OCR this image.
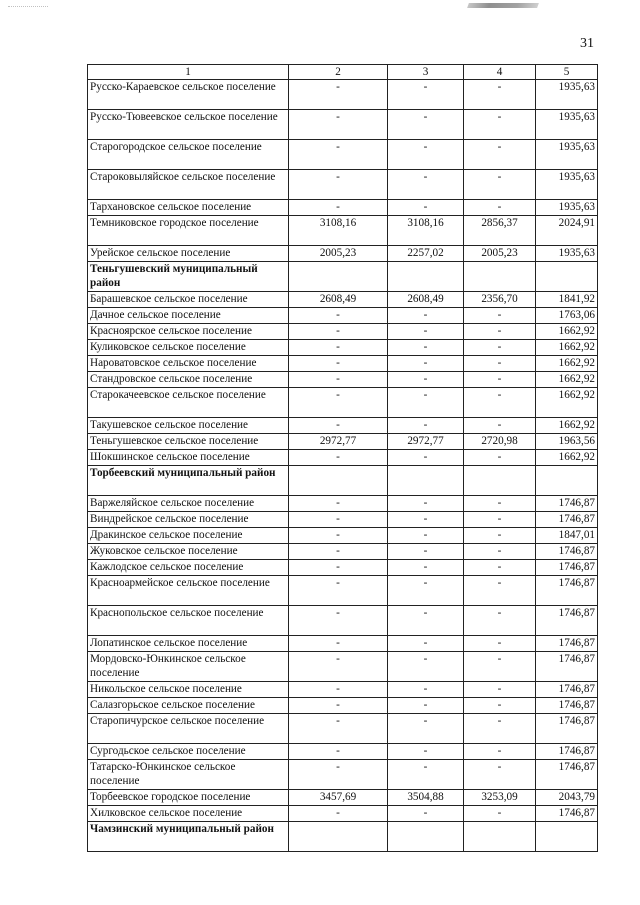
31
1	2	3	4	5
Русско-Караевское сельское поселение	-	-	-	1935,63
Русско-Тювеевское сельское поселение	-	-	-	1935,63
Старогородское сельское поселение	-	-	-	1935,63
Староковыляйское сельское поселение	-	-	-	1935,63
Тархановское сельское поселение	-	-	-	1935,63
Темниковское городское поселение	3108,16	3108,16	2856,37	2024,91
Урейское сельское поселение	2005,23	2257,02	2005,23	1935,63
Теньгушевский муниципальный район				
Барашевское сельское поселение	2608,49	2608,49	2356,70	1841,92
Дачное сельское поселение	-	-	-	1763,06
Красноярское сельское поселение	-	-	-	1662,92
Куликовское сельское поселение	-	-	-	1662,92
Нароватовское сельское поселение	-	-	-	1662,92
Стандровское сельское поселение	-	-	-	1662,92
Старокачеевское сельское поселение	-	-	-	1662,92
Такушевское сельское поселение	-	-	-	1662,92
Теньгушевское сельское поселение	2972,77	2972,77	2720,98	1963,56
Шокшинское сельское поселение	-	-	-	1662,92
Торбеевский муниципальный район				
Варжеляйское сельское поселение	-	-	-	1746,87
Виндрейское сельское поселение	-	-	-	1746,87
Дракинское сельское поселение	-	-	-	1847,01
Жуковское сельское поселение	-	-	-	1746,87
Кажлодское сельское поселение	-	-	-	1746,87
Красноармейское сельское поселение	-	-	-	1746,87
Краснопольское сельское поселение	-	-	-	1746,87
Лопатинское сельское поселение	-	-	-	1746,87
Мордовско-Юнкинское сельское поселение	-	-	-	1746,87
Никольское сельское поселение	-	-	-	1746,87
Салазгорьское сельское поселение	-	-	-	1746,87
Старопичурское сельское поселение	-	-	-	1746,87
Сургодьское сельское поселение	-	-	-	1746,87
Татарско-Юнкинское сельское поселение	-	-	-	1746,87
Торбеевское городское поселение	3457,69	3504,88	3253,09	2043,79
Хилковское сельское поселение	-	-	-	1746,87
Чамзинский муниципальный район				
